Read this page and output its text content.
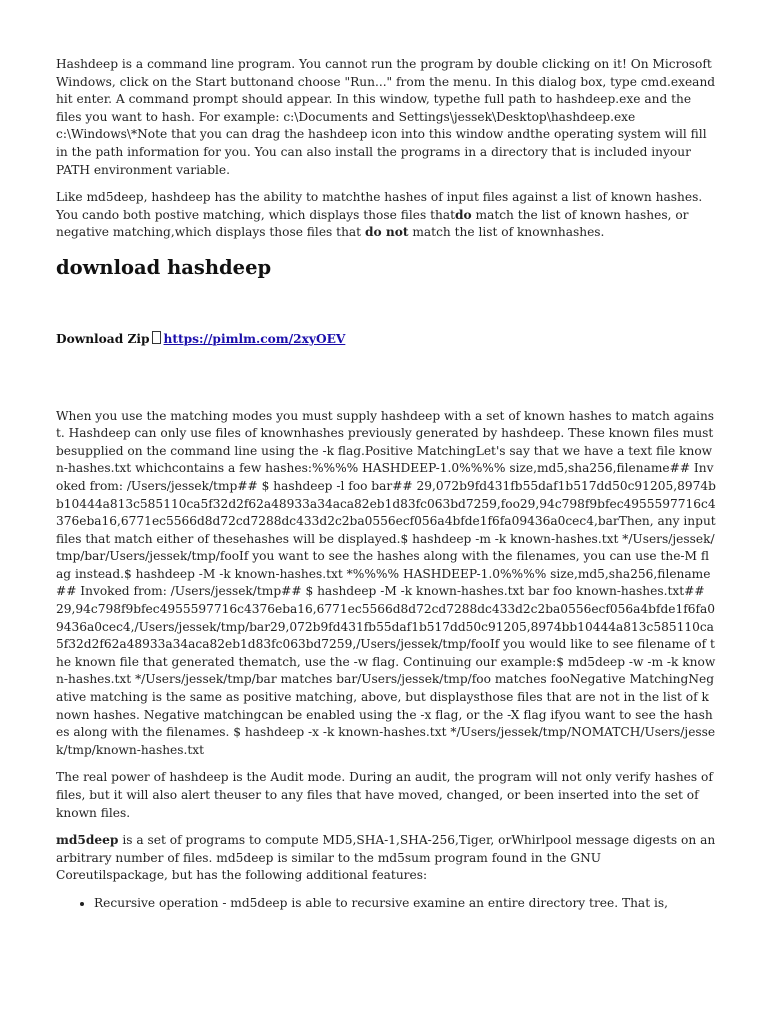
Hashdeep is a command line program. You cannot run the program by double clicking on it! On Microsoft Windows, click on the Start buttonand choose "Run..." from the menu. In this dialog box, type cmd.exeand hit enter. A command prompt should appear. In this window, typethe full path to hashdeep.exe and the files you want to hash. For example: c:\Documents and Settings\jessek\Desktop\hashdeep.exe c:\Windows\*Note that you can drag the hashdeep icon into this window andthe operating system will fill in the path information for you. You can also install the programs in a directory that is included inyour PATH environment variable.

Like md5deep, hashdeep has the ability to matchthe hashes of input files against a list of known hashes. You cando both postive matching, which displays those files thatdo match the list of known hashes, or negative matching,which displays those files that do not match the list of knownhashes.

download hashdeep
Download Zip https://pimlm.com/2xyOEV

When you use the matching modes you must supply hashdeep with a set of known hashes to match against. Hashdeep can only use files of knownhashes previously generated by hashdeep. These known files must besupplied on the command line using the -k flag.Positive MatchingLet's say that we have a text file known-hashes.txt whichcontains a few hashes:%%%% HASHDEEP-1.0%%%% size,md5,sha256,filename## Invoked from: /Users/jessek/tmp## $ hashdeep -l foo bar## 29,072b9fd431fb55daf1b517dd50c91205,8974bb10444a813c585110ca5f32d2f62a48933a34aca82eb1d83fc063bd7259,foo29,94c798f9bfec4955597716c4376eba16,6771ec5566d8d72cd7288dc433d2c2ba0556ecf056a4bfde1f6fa09436a0cec4,barThen, any input files that match either of thesehashes will be displayed.$ hashdeep -m -k known-hashes.txt */Users/jessek/tmp/bar/Users/jessek/tmp/fooIf you want to see the hashes along with the filenames, you can use the-M flag instead.$ hashdeep -M -k known-hashes.txt *%%%% HASHDEEP-1.0%%%% size,md5,sha256,filename## Invoked from: /Users/jessek/tmp## $ hashdeep -M -k known-hashes.txt bar foo known-hashes.txt## 29,94c798f9bfec4955597716c4376eba16,6771ec5566d8d72cd7288dc433d2c2ba0556ecf056a4bfde1f6fa09436a0cec4,/Users/jessek/tmp/bar29,072b9fd431fb55daf1b517dd50c91205,8974bb10444a813c585110ca5f32d2f62a48933a34aca82eb1d83fc063bd7259,/Users/jessek/tmp/fooIf you would like to see filename of the known file that generated thematch, use the -w flag. Continuing our example:$ md5deep -w -m -k known-hashes.txt */Users/jessek/tmp/bar matches bar/Users/jessek/tmp/foo matches fooNegative MatchingNegative matching is the same as positive matching, above, but displaysthose files that are not in the list of known hashes. Negative matchingcan be enabled using the -x flag, or the -X flag ifyou want to see the hashes along with the filenames. $ hashdeep -x -k known-hashes.txt */Users/jessek/tmp/NOMATCH/Users/jessek/tmp/known-hashes.txt

The real power of hashdeep is the Audit mode. During an audit, the program will not only verify hashes of files, but it will also alert theuser to any files that have moved, changed, or been inserted into the set of known files.

md5deep is a set of programs to compute MD5,SHA-1,SHA-256,Tiger, orWhirlpool message digests on an arbitrary number of files. md5deep is similar to the md5sum program found in the GNU Coreutilspackage, but has the following additional features:

• Recursive operation - md5deep is able to recursive examine an entire directory tree. That is,
